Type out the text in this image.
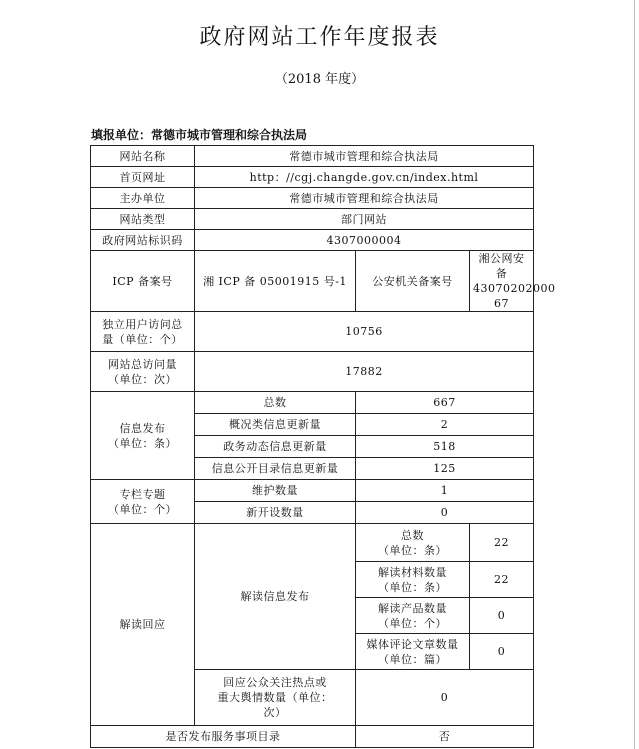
政府网站工作年度报表
（2018 年度）
填报单位：常德市城市管理和综合执法局
网站名称	常德市城市管理和综合执法局		
首页网址	http：//cgj.changde.gov.cn/index.html		
主办单位	常德市城市管理和综合执法局		
网站类型	部门网站		
政府网站标识码	4307000004		
ICP 备案号	湘 ICP 备 05001915 号-1	公安机关备案号	湘公网安备
43070202000
67

独立用户访问总
量（单位：个）	10756		

网站总访问量
（单位：次）	17882		

信息发布
（单位：条）	总数	667	
	概况类信息更新量	2	
	政务动态信息更新量	518	
	信息公开目录信息更新量	125	

专栏专题
（单位：个）	维护数量	1	
	新开设数量	0	
解读回应	解读信息发布	总数
（单位：条）	22

		解读材料数量
（单位：条）	22

		解读产品数量
（单位：个）	0

		媒体评论文章数量
（单位：篇）	0

	回应公众关注热点或
重大舆情数量（单位：
次）	0	
是否发布服务事项目录		否	
